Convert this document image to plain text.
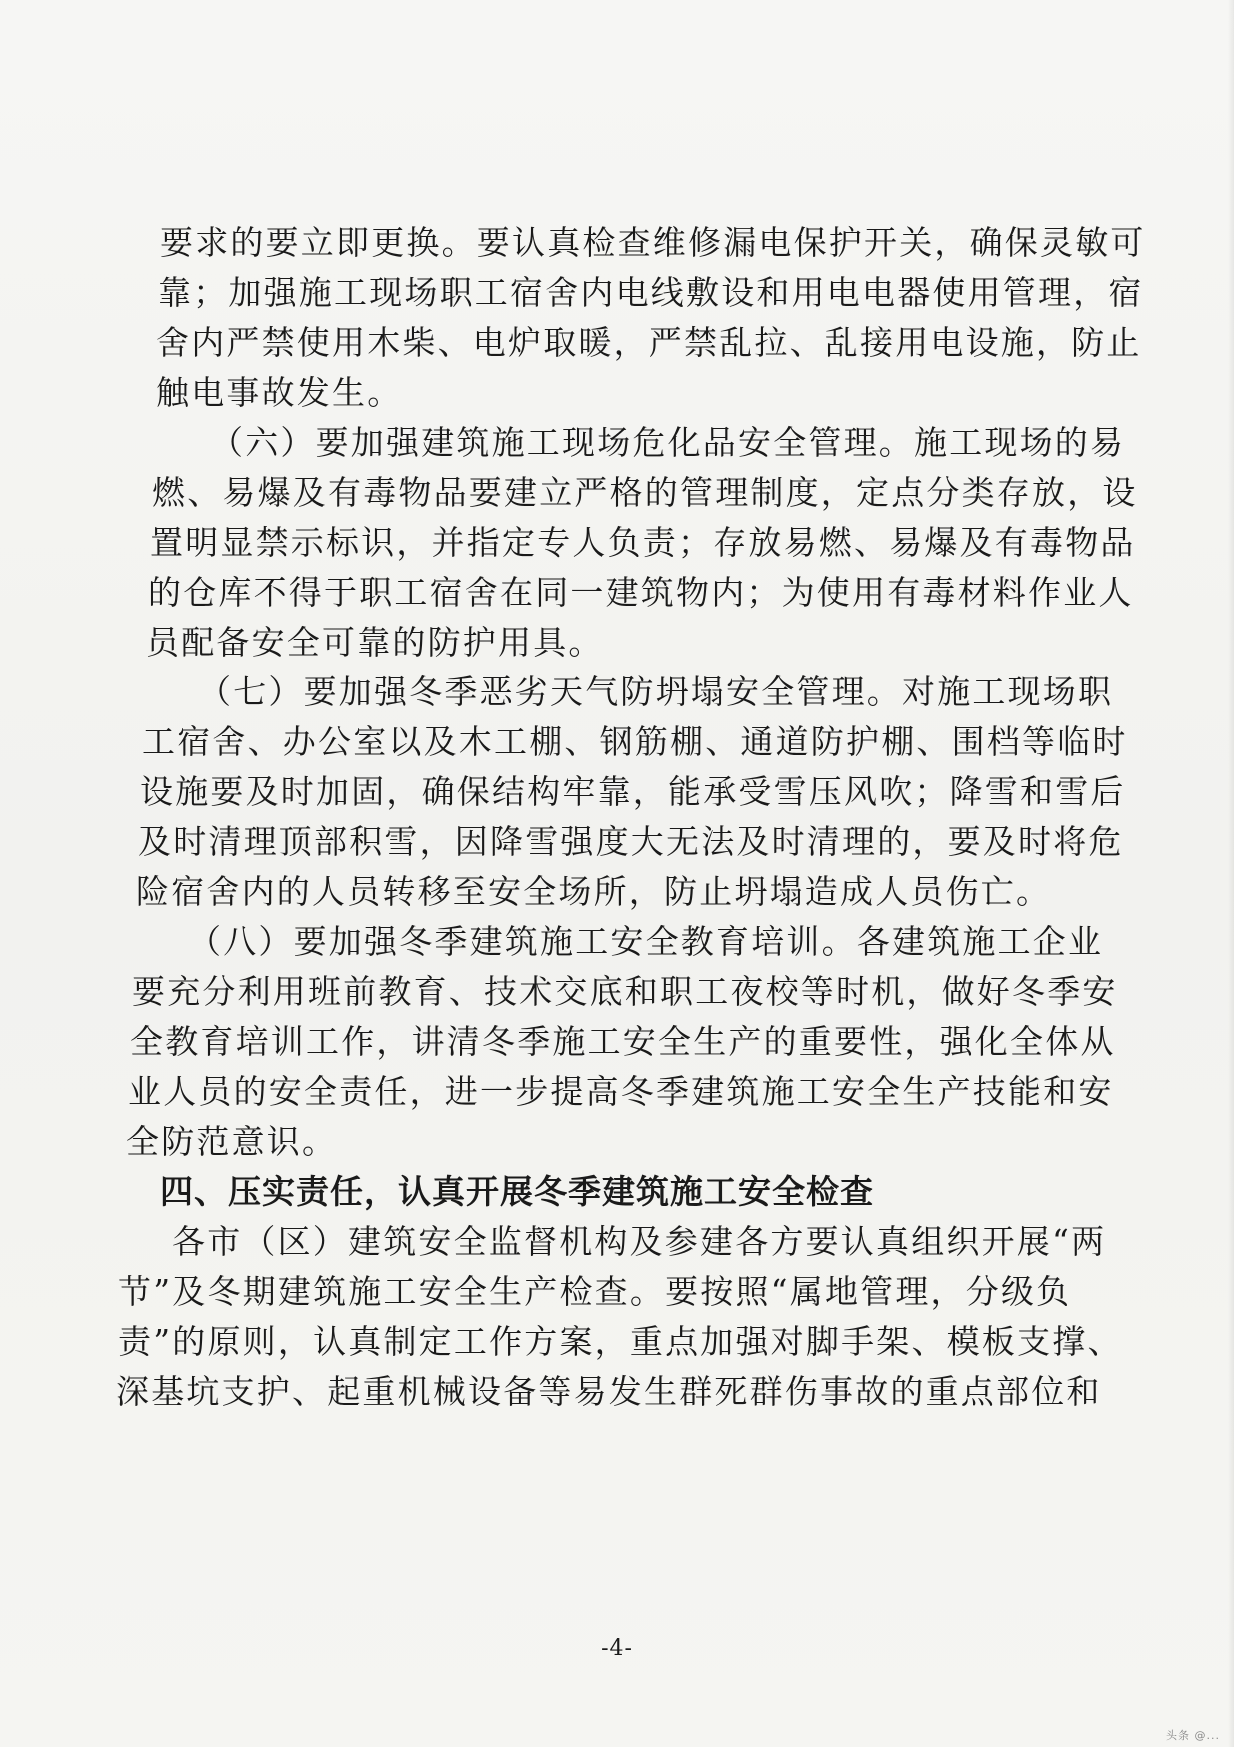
要求的要立即更换。要认真检查维修漏电保护开关，确保灵敏可
靠；加强施工现场职工宿舍内电线敷设和用电电器使用管理，宿
舍内严禁使用木柴、电炉取暖，严禁乱拉、乱接用电设施，防止
触电事故发生。
（六）要加强建筑施工现场危化品安全管理。施工现场的易
燃、易爆及有毒物品要建立严格的管理制度，定点分类存放，设
置明显禁示标识，并指定专人负责；存放易燃、易爆及有毒物品
的仓库不得于职工宿舍在同一建筑物内；为使用有毒材料作业人
员配备安全可靠的防护用具。
（七）要加强冬季恶劣天气防坍塌安全管理。对施工现场职
工宿舍、办公室以及木工棚、钢筋棚、通道防护棚、围档等临时
设施要及时加固，确保结构牢靠，能承受雪压风吹；降雪和雪后
及时清理顶部积雪，因降雪强度大无法及时清理的，要及时将危
险宿舍内的人员转移至安全场所，防止坍塌造成人员伤亡。
（八）要加强冬季建筑施工安全教育培训。各建筑施工企业
要充分利用班前教育、技术交底和职工夜校等时机，做好冬季安
全教育培训工作，讲清冬季施工安全生产的重要性，强化全体从
业人员的安全责任，进一步提高冬季建筑施工安全生产技能和安
全防范意识。
四、压实责任，认真开展冬季建筑施工安全检查
各市（区）建筑安全监督机构及参建各方要认真组织开展“两
节”及冬期建筑施工安全生产检查。要按照“属地管理，分级负
责”的原则，认真制定工作方案，重点加强对脚手架、模板支撑、
深基坑支护、起重机械设备等易发生群死群伤事故的重点部位和
-4-
头条 @...
